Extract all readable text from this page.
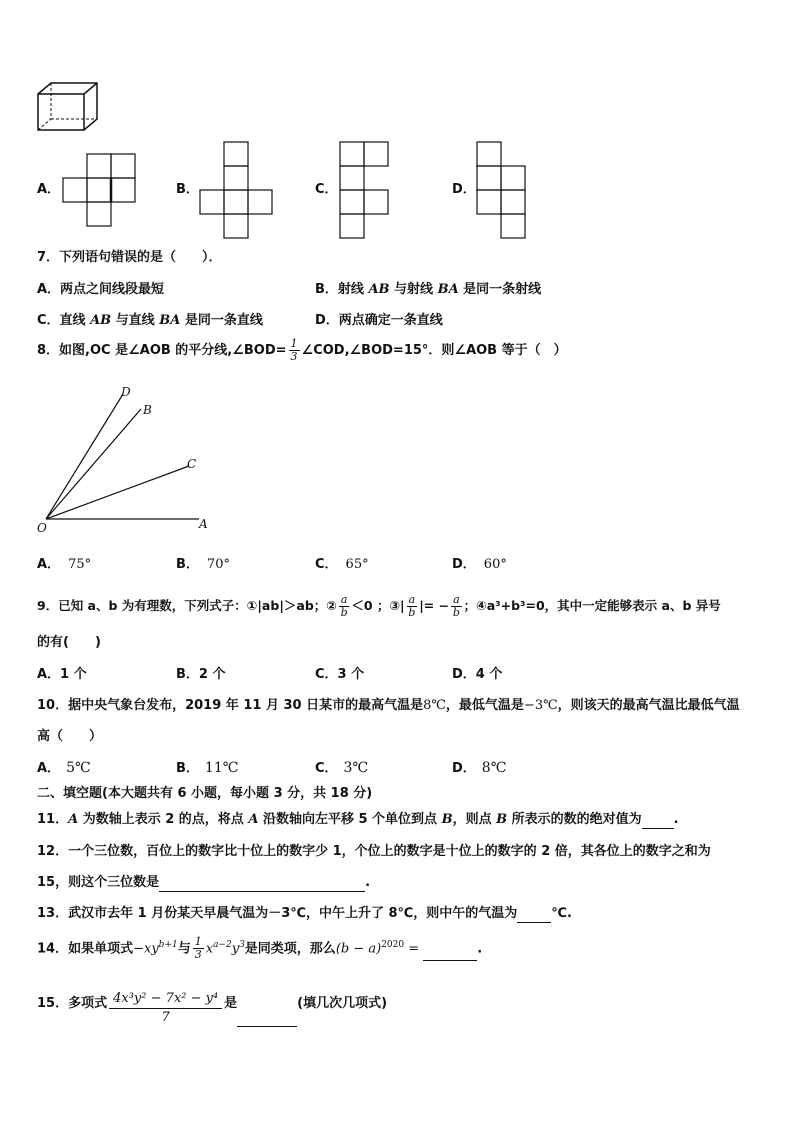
A．	B．	C．	D．
7．下列语句错误的是（　　）．
A．两点之间线段最短	B．射线 AB 与射线 BA 是同一条射线
C．直线 AB 与直线 BA 是同一条直线	D．两点确定一条直线
8．如图,OC 是∠AOB 的平分线,∠BOD= $\frac{1}{3}$ ∠COD,∠BOD=15°．则∠AOB 等于（　）
D
B
C
O	A
A． 75°	B． 70°	C． 65°	D． 60°
9．已知 a、b 为有理数，下列式子：①|ab|＞ab；② $\frac{a}{b} <0$ ；③| $\frac{a}{b}$ |= − $\frac{a}{b}$ ；④a³+b³=0，其中一定能够表示 a、b 异号
的有(　　)
A．1 个	B．2 个	C．3 个	D．4 个
10．据中央气象台发布，2019 年 11 月 30 日某市的最高气温是8℃，最低气温是−3℃，则该天的最高气温比最低气温
高（　　）
A． 5℃	B． 11℃	C． 3℃	D． 8℃
二、填空题(本大题共有 6 小题，每小题 3 分，共 18 分)
11．A 为数轴上表示 2 的点，将点 A 沿数轴向左平移 5 个单位到点 B，则点 B 所表示的数的绝对值为 .
12．一个三位数，百位上的数字比十位上的数字少 1，个位上的数字是十位上的数字的 2 倍，其各位上的数字之和为
15，则这个三位数是	.
13．武汉市去年 1 月份某天早晨气温为－3℃，中午上升了 8℃，则中午的气温为	℃.
14．如果单项式$-xy^{b+1}$与 $\frac{1}{3} x^{a-2}y^3$是同类项，那么$(b - a)^{2020}$ =	.
15．多项式 $\frac{\text{4x³y² − 7x² − y⁴}}{7}$ 是	(填几次几项式)
